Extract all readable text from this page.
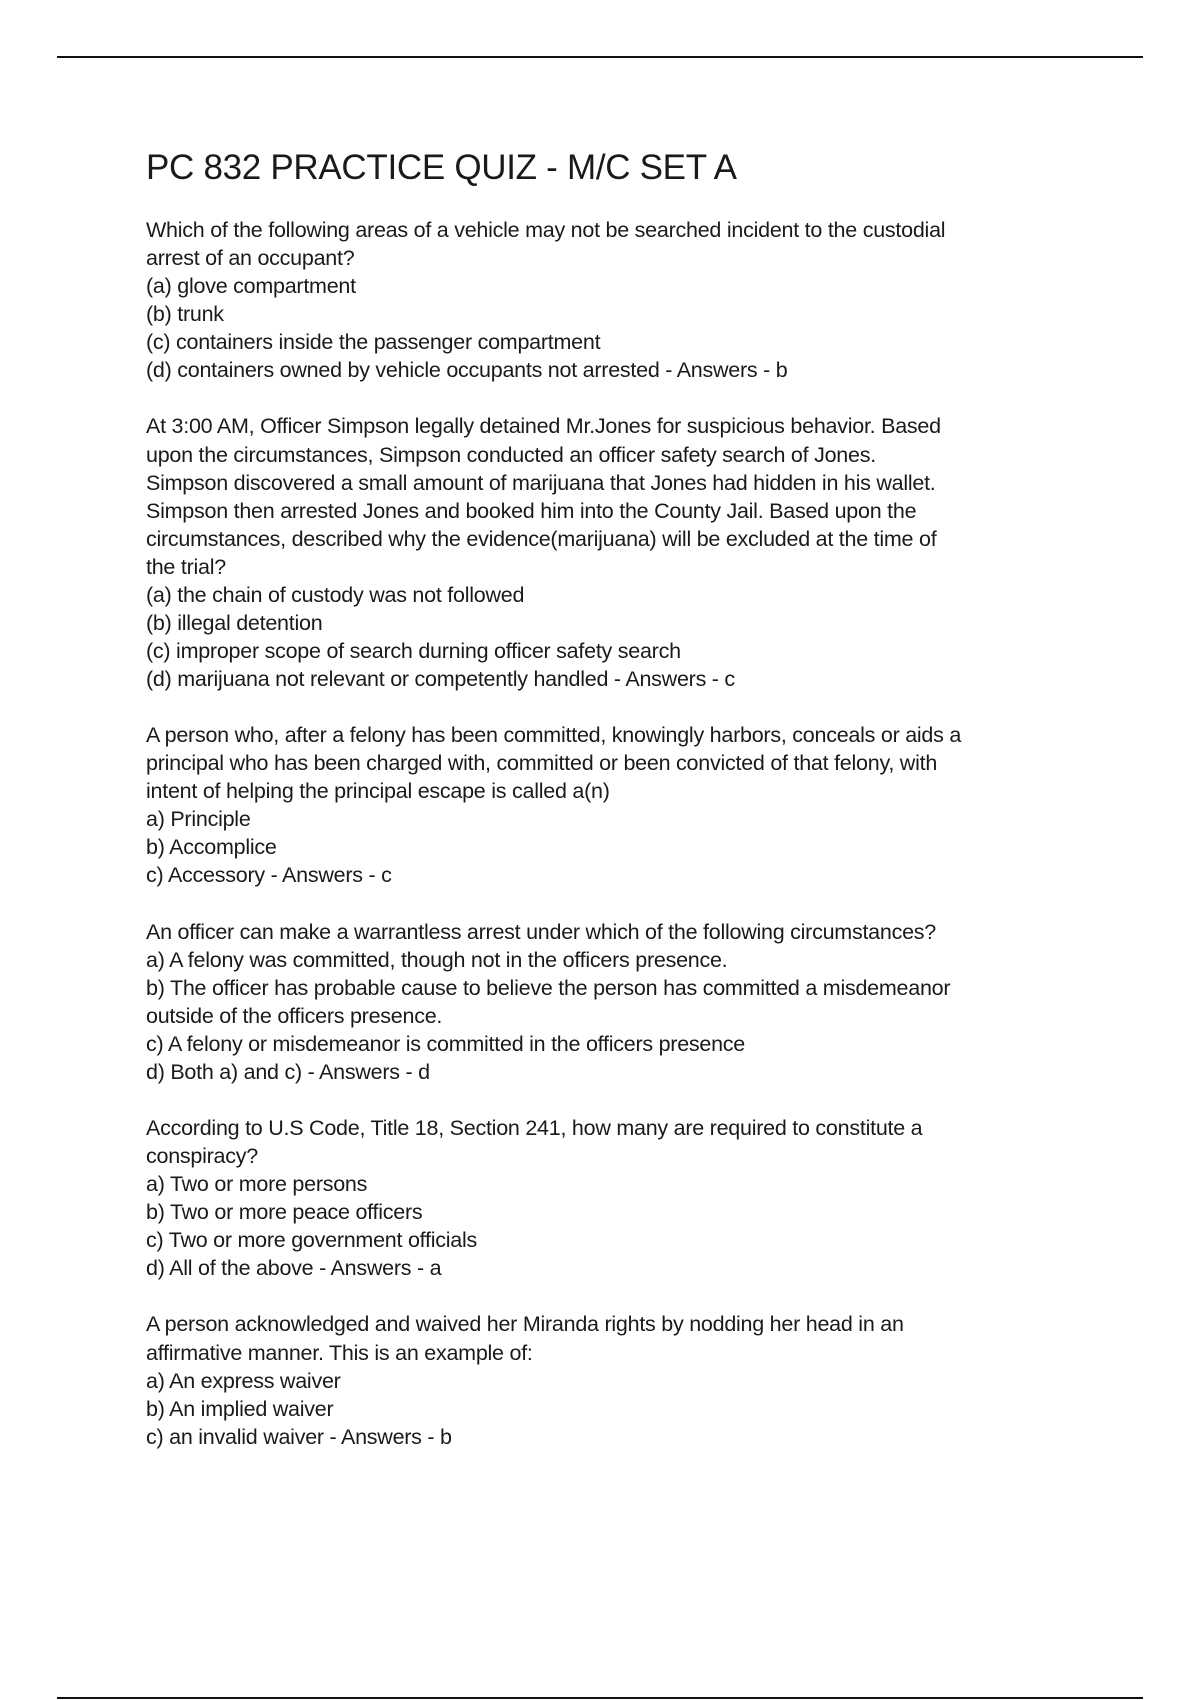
PC 832 PRACTICE QUIZ - M/C SET A
Which of the following areas of a vehicle may not be searched incident to the custodial
arrest of an occupant?
(a) glove compartment
(b) trunk
(c) containers inside the passenger compartment
(d) containers owned by vehicle occupants not arrested - Answers - b
At 3:00 AM, Officer Simpson legally detained Mr.Jones for suspicious behavior. Based
upon the circumstances, Simpson conducted an officer safety search of Jones.
Simpson discovered a small amount of marijuana that Jones had hidden in his wallet.
Simpson then arrested Jones and booked him into the County Jail. Based upon the
circumstances, described why the evidence(marijuana) will be excluded at the time of
the trial?
(a) the chain of custody was not followed
(b) illegal detention
(c) improper scope of search durning officer safety search
(d) marijuana not relevant or competently handled - Answers - c
A person who, after a felony has been committed, knowingly harbors, conceals or aids a
principal who has been charged with, committed or been convicted of that felony, with
intent of helping the principal escape is called a(n)
a) Principle
b) Accomplice
c) Accessory - Answers - c
An officer can make a warrantless arrest under which of the following circumstances?
a) A felony was committed, though not in the officers presence.
b) The officer has probable cause to believe the person has committed a misdemeanor
outside of the officers presence.
c) A felony or misdemeanor is committed in the officers presence
d) Both a) and c) - Answers - d
According to U.S Code, Title 18, Section 241, how many are required to constitute a
conspiracy?
a) Two or more persons
b) Two or more peace officers
c) Two or more government officials
d) All of the above - Answers - a
A person acknowledged and waived her Miranda rights by nodding her head in an
affirmative manner. This is an example of:
a) An express waiver
b) An implied waiver
c) an invalid waiver - Answers - b
